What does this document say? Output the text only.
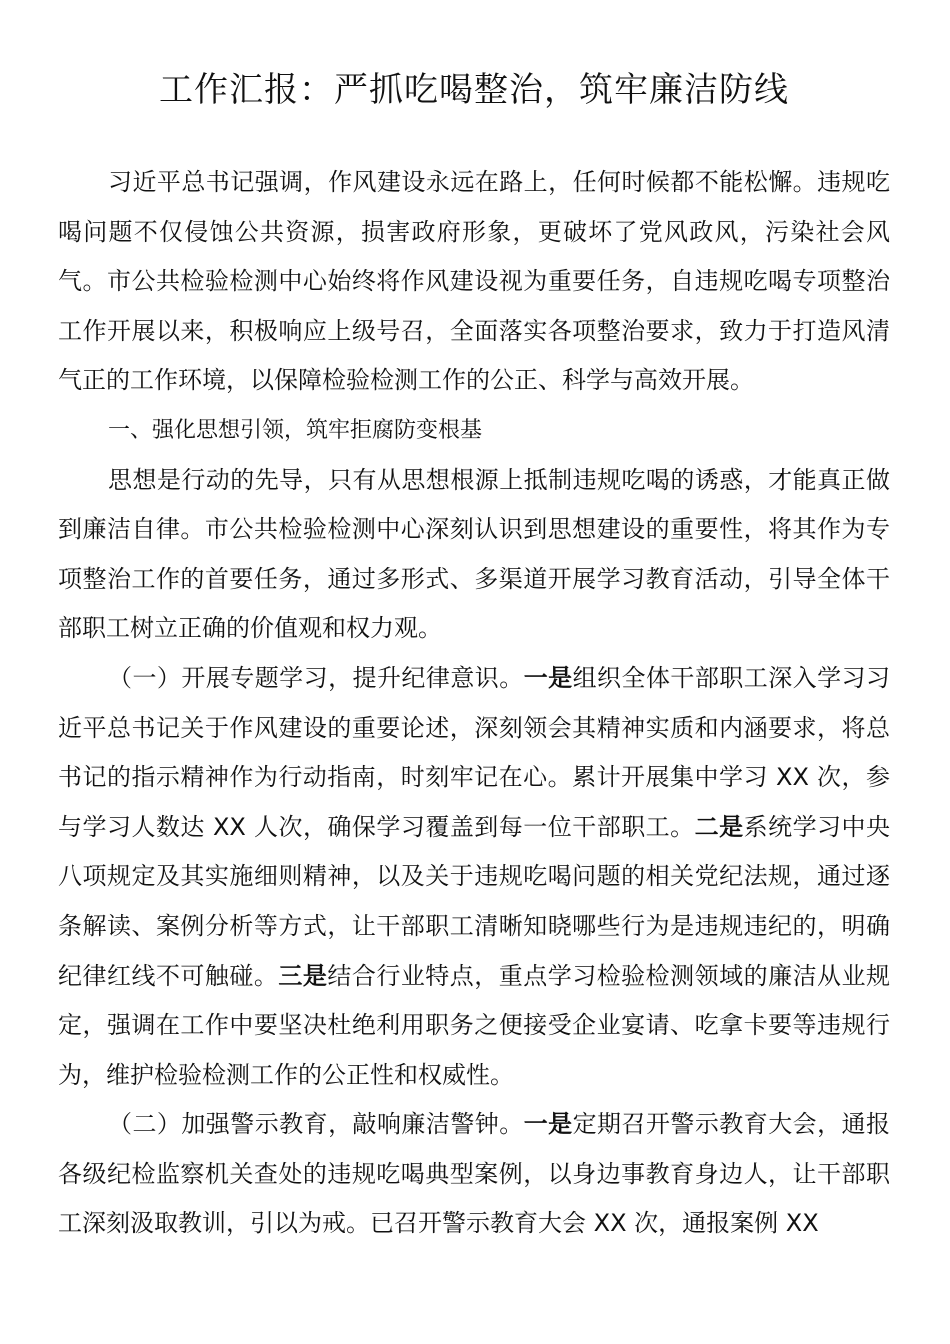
工作汇报：严抓吃喝整治，筑牢廉洁防线

习近平总书记强调，作风建设永远在路上，任何时候都不能松懈。违规吃喝问题不仅侵蚀公共资源，损害政府形象，更破坏了党风政风，污染社会风气。市公共检验检测中心始终将作风建设视为重要任务，自违规吃喝专项整治工作开展以来，积极响应上级号召，全面落实各项整治要求，致力于打造风清气正的工作环境，以保障检验检测工作的公正、科学与高效开展。

一、强化思想引领，筑牢拒腐防变根基

思想是行动的先导，只有从思想根源上抵制违规吃喝的诱惑，才能真正做到廉洁自律。市公共检验检测中心深刻认识到思想建设的重要性，将其作为专项整治工作的首要任务，通过多形式、多渠道开展学习教育活动，引导全体干部职工树立正确的价值观和权力观。

（一）开展专题学习，提升纪律意识。一是组织全体干部职工深入学习习近平总书记关于作风建设的重要论述，深刻领会其精神实质和内涵要求，将总书记的指示精神作为行动指南，时刻牢记在心。累计开展集中学习 XX 次，参与学习人数达 XX 人次，确保学习覆盖到每一位干部职工。二是系统学习中央八项规定及其实施细则精神，以及关于违规吃喝问题的相关党纪法规，通过逐条解读、案例分析等方式，让干部职工清晰知晓哪些行为是违规违纪的，明确纪律红线不可触碰。三是结合行业特点，重点学习检验检测领域的廉洁从业规定，强调在工作中要坚决杜绝利用职务之便接受企业宴请、吃拿卡要等违规行为，维护检验检测工作的公正性和权威性。

（二）加强警示教育，敲响廉洁警钟。一是定期召开警示教育大会，通报各级纪检监察机关查处的违规吃喝典型案例，以身边事教育身边人，让干部职工深刻汲取教训，引以为戒。已召开警示教育大会 XX 次，通报案例 XX
